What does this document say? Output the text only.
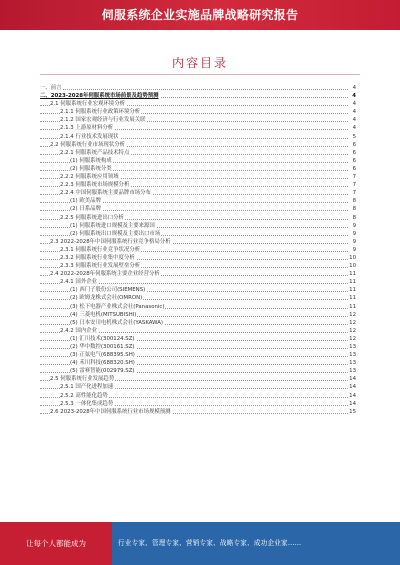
伺服系统企业实施品牌战略研究报告
内容目录
一、前言	4
二、2023-2028年伺服系统市场前景及趋势预测	4
2.1 伺服系统行业宏观环境分析	4
2.1.1 伺服系统行业政策环境分析	4
2.1.2 国家宏观经济与行业发展关联	4
2.1.3 上游原材料分析	4
2.1.4 行业技术发展现状	5
2.2 伺服系统行业市场现状分析	6
2.2.1 伺服系统产品技术特点	6
(1) 伺服系统构成	6
(2) 伺服系统分类	6
2.2.2 伺服系统应用领域	7
2.2.3 伺服系统市场规模分析	7
2.2.4 中国伺服系统主要品牌市场分布	7
(1) 欧美品牌	8
(2) 日系品牌	8
2.2.5 伺服系统进出口分析	8
(1) 伺服系统进口规模及主要来源国	9
(2) 伺服系统出口规模及主要出口市场	9
2.3 2022-2028年中国伺服系统行业竞争格局分析	9
2.3.1 伺服系统行业竞争状况分析	9
2.3.2 伺服系统行业集中度分析	10
2.3.3 伺服系统行业发展壁垒分析	10
2.4 2022-2028年伺服系统主要企业经营分析	11
2.4.1 国外企业	11
(1) 西门子股份公司(SIEMENS)	11
(2) 欧姆龙株式会社(OMRON)	11
(3) 松下电器产业株式会社(Panasonic)	11
(4) 三菱电机(MITSUBISHI)	12
(5) 日本安川电机株式会社(YASKAWA)	12
2.4.2 国内企业	12
(1) 汇川技术(300124.SZ)	12
(2) 华中数控(300161.SZ)	13
(3) 正弦电气(688395.SH)	13
(4) 禾川科技(688320.SH)	13
(5) 雷赛智能(002979.SZ)	13
2.5 伺服系统行业发展趋势	14
2.5.1 国产化进程加速	14
2.5.2 高性能化趋势	14
2.5.3 一体化集成趋势	14
2.6 2023-2028年中国伺服系统行业市场规模预测	15
让每个人都能成为	行业专家、管理专家、营销专家、战略专家、成功企业家……
